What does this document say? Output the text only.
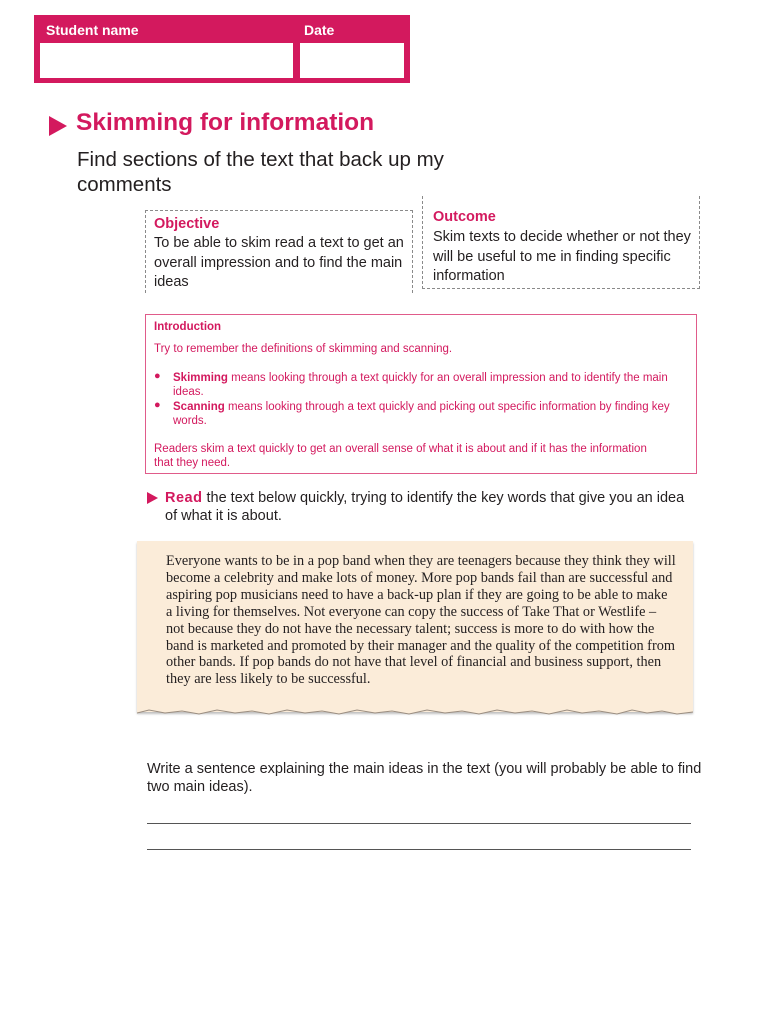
Student name	Date
Skimming for information
Find sections of the text that back up my comments
Objective
To be able to skim read a text to get an overall impression and to find the main ideas
Outcome
Skim texts to decide whether or not they will be useful to me in finding specific information
Introduction
Try to remember the definitions of skimming and scanning.
● Skimming means looking through a text quickly for an overall impression and to identify the main ideas.
● Scanning means looking through a text quickly and picking out specific information by finding key words.
Readers skim a text quickly to get an overall sense of what it is about and if it has the information that they need.
Read the text below quickly, trying to identify the key words that give you an idea of what it is about.
Everyone wants to be in a pop band when they are teenagers because they think they will become a celebrity and make lots of money. More pop bands fail than are successful and aspiring pop musicians need to have a back-up plan if they are going to be able to make a living for themselves. Not everyone can copy the success of Take That or Westlife – not because they do not have the necessary talent; success is more to do with how the band is marketed and promoted by their manager and the quality of the competition from other bands. If pop bands do not have that level of financial and business support, then they are less likely to be successful.
Write a sentence explaining the main ideas in the text (you will probably be able to find two main ideas).
